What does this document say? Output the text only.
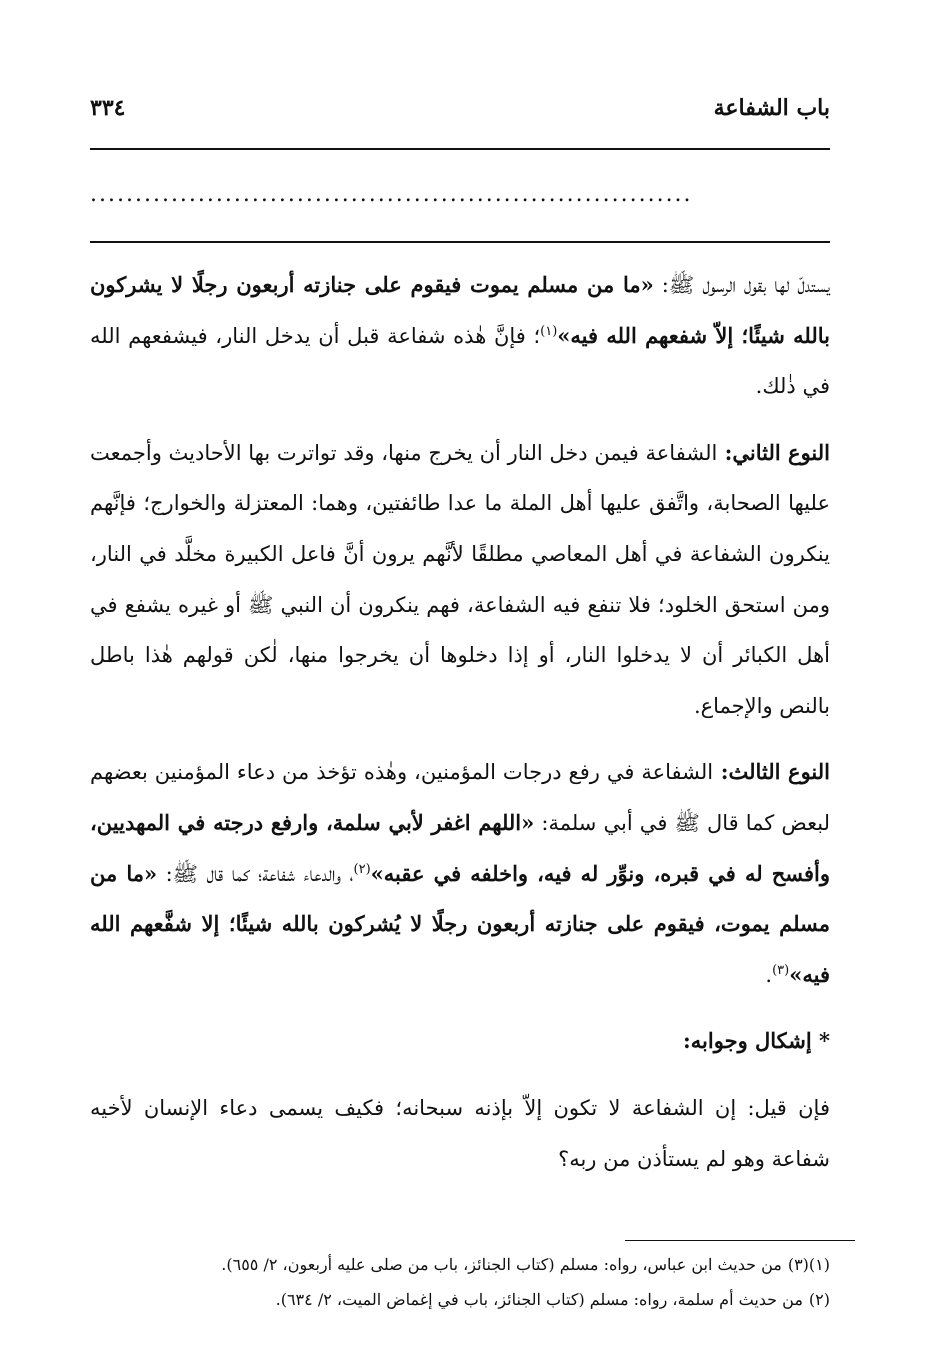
باب الشفاعة
٣٣٤
...................................................................

يستدلّ لها بقول الرسول ﷺ: «ما من مسلم يموت فيقوم على جنازته أربعون رجلًا لا يشركون بالله شيئًا؛ إلاّ شفعهم الله فيه»$^{(١)}$؛ فإنَّ هٰذه شفاعة قبل أن يدخل النار، فيشفعهم الله في ذٰلك.

النوع الثاني: الشفاعة فيمن دخل النار أن يخرج منها، وقد تواترت بها الأحاديث وأجمعت عليها الصحابة، واتَّفق عليها أهل الملة ما عدا طائفتين، وهما: المعتزلة والخوارج؛ فإنَّهم ينكرون الشفاعة في أهل المعاصي مطلقًا لأنَّهم يرون أنَّ فاعل الكبيرة مخلَّد في النار، ومن استحق الخلود؛ فلا تنفع فيه الشفاعة، فهم ينكرون أن النبي ﷺ أو غيره يشفع في أهل الكبائر أن لا يدخلوا النار، أو إذا دخلوها أن يخرجوا منها، لٰكن قولهم هٰذا باطل بالنص والإجماع.

النوع الثالث: الشفاعة في رفع درجات المؤمنين، وهٰذه تؤخذ من دعاء المؤمنين بعضهم لبعض كما قال ﷺ في أبي سلمة: «اللهم اغفر لأبي سلمة، وارفع درجته في المهديين، وأفسح له في قبره، ونوِّر له فيه، واخلفه في عقبه»$^{(٢)}$، والدعاء شفاعة؛ كما قال ﷺ: «ما من مسلم يموت، فيقوم على جنازته أربعون رجلًا لا يُشركون بالله شيئًا؛ إلا شفَّعهم الله فيه»$^{(٣)}$.

* إشكال وجوابه:

فإن قيل: إن الشفاعة لا تكون إلاّ بإذنه سبحانه؛ فكيف يسمى دعاء الإنسان لأخيه شفاعة وهو لم يستأذن من ربه؟

(١)(٣)من حديث ابن عباس، رواه: مسلم (كتاب الجنائز، باب من صلى عليه أربعون، ٢/ ٦٥٥).

(٢)من حديث أم سلمة، رواه: مسلم (كتاب الجنائز، باب في إغماض الميت، ٢/ ٦٣٤).
